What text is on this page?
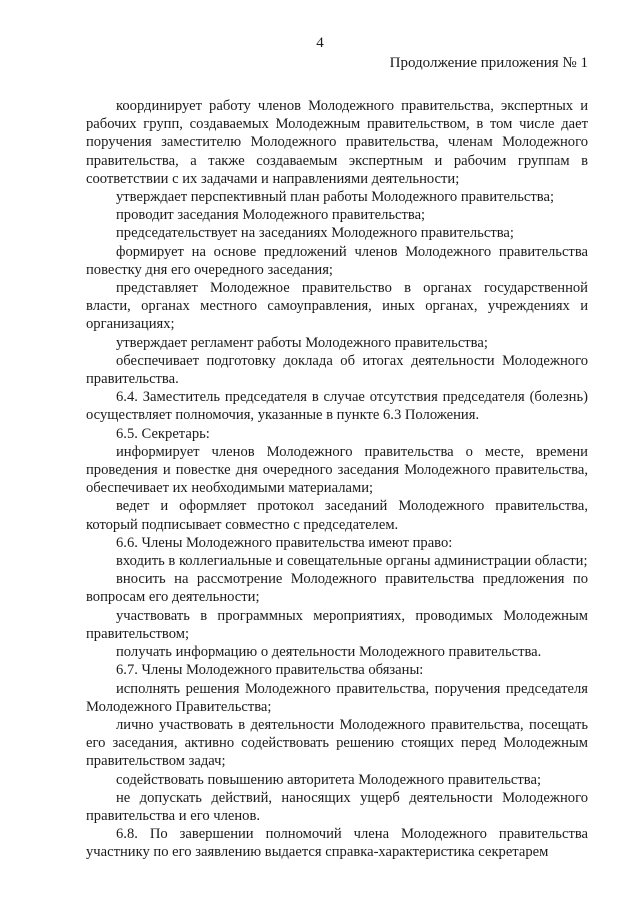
4
Продолжение приложения № 1

координирует работу членов Молодежного правительства, экспертных и рабочих групп, создаваемых Молодежным правительством, в том числе дает поручения заместителю Молодежного правительства, членам Молодежного правительства, а также создаваемым экспертным и рабочим группам в соответствии с их задачами и направлениями деятельности;

утверждает перспективный план работы Молодежного правительства;

проводит заседания Молодежного правительства;

председательствует на заседаниях Молодежного правительства;

формирует на основе предложений членов Молодежного правительства повестку дня его очередного заседания;

представляет Молодежное правительство в органах государственной власти, органах местного самоуправления, иных органах, учреждениях и организациях;

утверждает регламент работы Молодежного правительства;

обеспечивает подготовку доклада об итогах деятельности Молодежного правительства.

6.4. Заместитель председателя в случае отсутствия председателя (болезнь) осуществляет полномочия, указанные в пункте 6.3 Положения.

6.5. Секретарь:

информирует членов Молодежного правительства о месте, времени проведения и повестке дня очередного заседания Молодежного правительства, обеспечивает их необходимыми материалами;

ведет и оформляет протокол заседаний Молодежного правительства, который подписывает совместно с председателем.

6.6. Члены Молодежного правительства имеют право:

входить в коллегиальные и совещательные органы администрации области;

вносить на рассмотрение Молодежного правительства предложения по вопросам его деятельности;

участвовать в программных мероприятиях, проводимых Молодежным правительством;

получать информацию о деятельности Молодежного правительства.

6.7. Члены Молодежного правительства обязаны:

исполнять решения Молодежного правительства, поручения председателя Молодежного Правительства;

лично участвовать в деятельности Молодежного правительства, посещать его заседания, активно содействовать решению стоящих перед Молодежным правительством задач;

содействовать повышению авторитета Молодежного правительства;

не допускать действий, наносящих ущерб деятельности Молодежного правительства и его членов.

6.8. По завершении полномочий члена Молодежного правительства участнику по его заявлению выдается справка-характеристика секретарем
